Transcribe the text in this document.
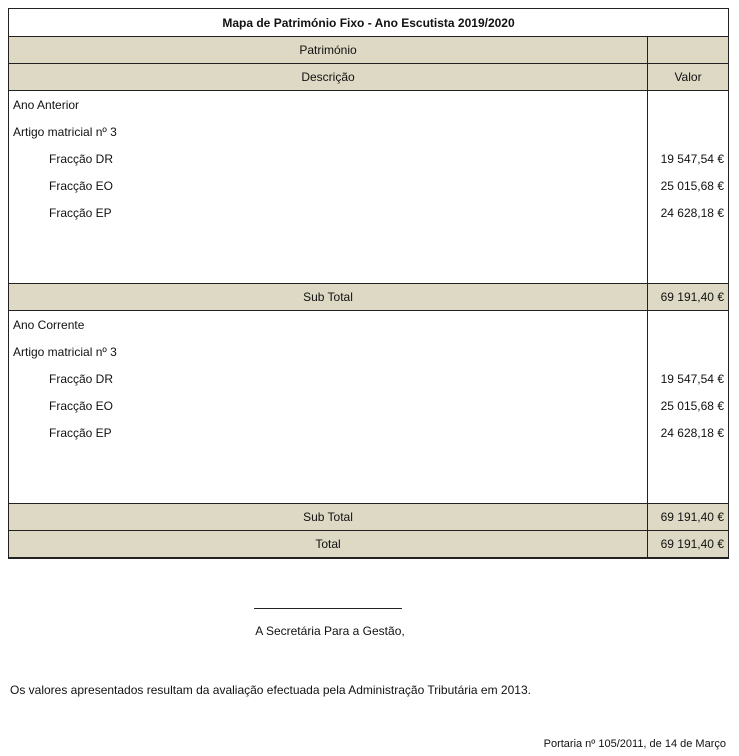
Mapa de Património Fixo - Ano Escutista 2019/2020	
Património	
Descrição	Valor
Ano Anterior	
Artigo matricial nº 3	
Fracção DR	19 547,54 €
Fracção EO	25 015,68 €
Fracção EP	24 628,18 €

Sub Total	69 191,40 €
Ano Corrente	
Artigo matricial nº 3	
Fracção DR	19 547,54 €
Fracção EO	25 015,68 €
Fracção EP	24 628,18 €

Sub Total	69 191,40 €
Total	69 191,40 €
A Secretária Para a Gestão,
Os valores apresentados resultam da avaliação efectuada pela Administração Tributária em 2013.
Portaria nº 105/2011, de 14 de Março
